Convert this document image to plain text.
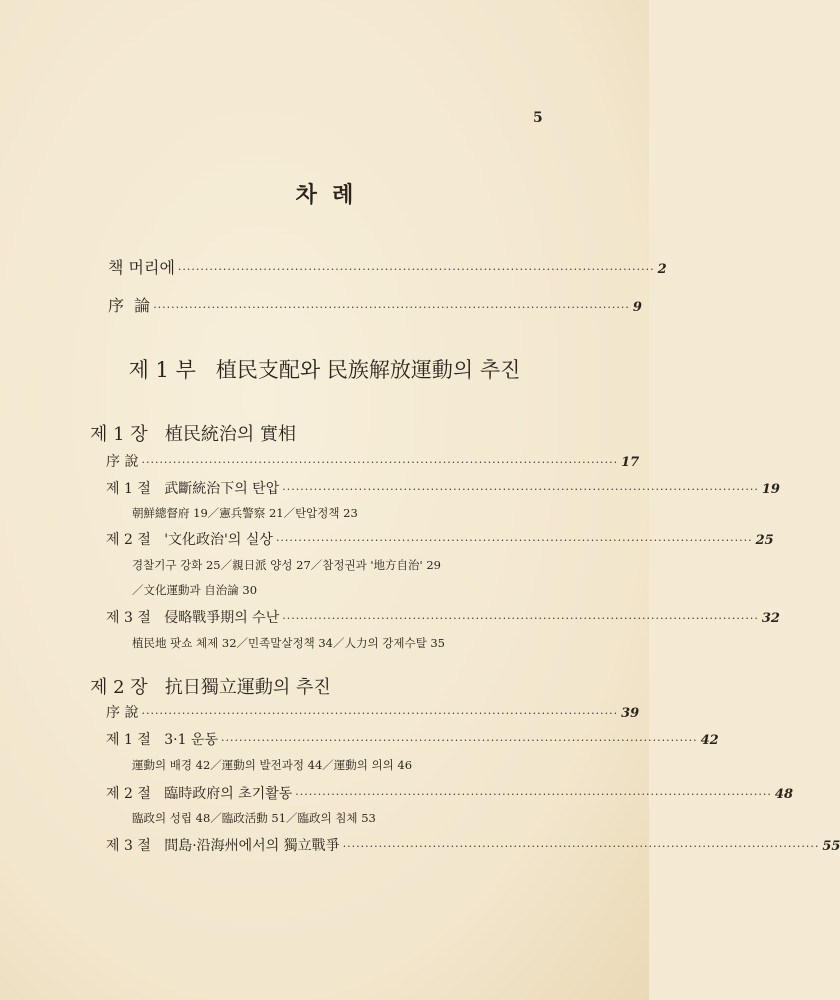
5
차  례
책 머리에 ·········································································································· 2
序  論 ·········································································································· 9
제 1 부   植民支配와 民族解放運動의 추진
제 1 장   植民統治의 實相
序 說 ·········································································································· 17
제 1 절   武斷統治下의 탄압 ·········································································································· 19
朝鮮總督府 19／憲兵警察 21／탄압정책 23
제 2 절   '文化政治'의 실상 ·········································································································· 25
경찰기구 강화 25／親日派 양성 27／참정권과 '地方自治' 29
／文化運動과 自治論 30
제 3 절   侵略戰爭期의 수난 ·········································································································· 32
植民地 팟쇼 체제 32／민족말살정책 34／人力의 강제수탈 35
제 2 장   抗日獨立運動의 추진
序 說 ·········································································································· 39
제 1 절   3·1 운동 ·········································································································· 42
運動의 배경 42／運動의 발전과정 44／運動의 의의 46
제 2 절   臨時政府의 초기활동 ·········································································································· 48
臨政의 성립 48／臨政活動 51／臨政의 침체 53
제 3 절   間島·沿海州에서의 獨立戰爭 ·········································································································· 55
